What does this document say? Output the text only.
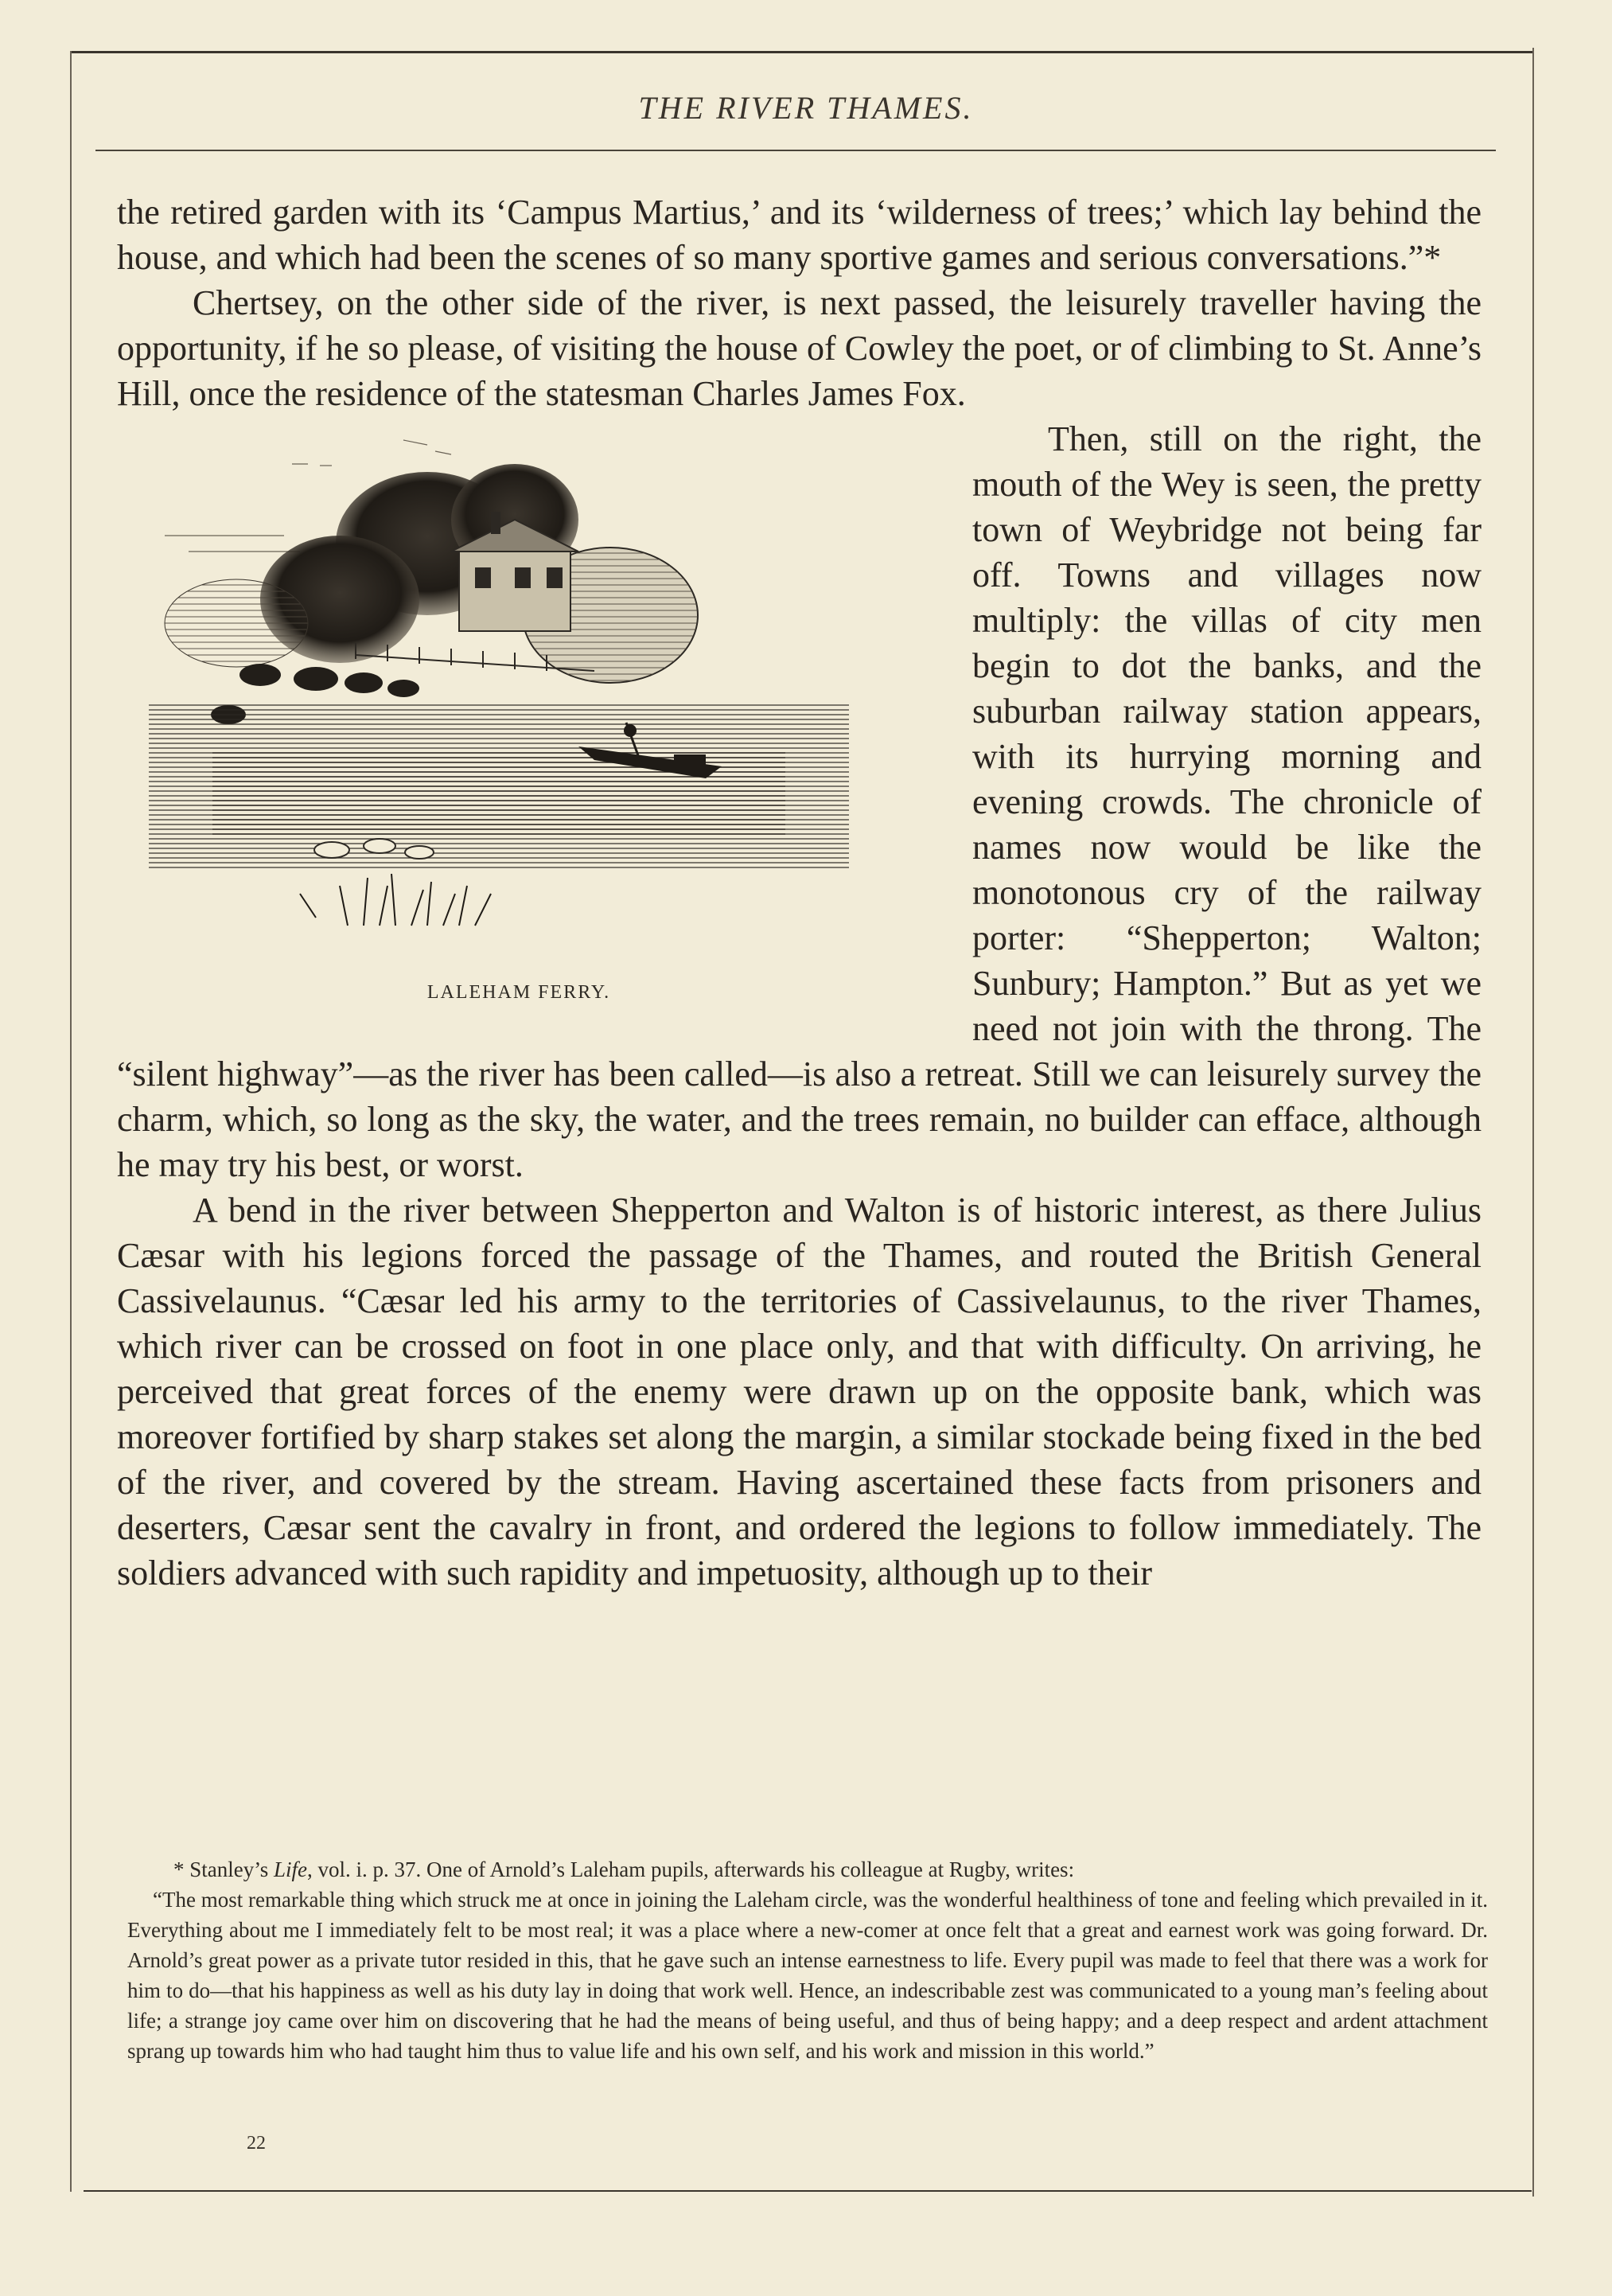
THE RIVER THAMES.

the retired garden with its ‘Campus Martius,’ and its ‘wilderness of trees;’ which lay behind the house, and which had been the scenes of so many sportive games and serious conversations.”*

Chertsey, on the other side of the river, is next passed, the leisurely traveller having the opportunity, if he so please, of visiting the house of Cowley the poet, or of climbing to St. Anne’s Hill, once the residence of the statesman Charles James Fox.

LALEHAM FERRY.

Then, still on the right, the mouth of the Wey is seen, the pretty town of Weybridge not being far off. Towns and villages now multiply: the villas of city men begin to dot the banks, and the suburban railway station appears, with its hurrying morning and evening crowds. The chronicle of names now would be like the monotonous cry of the railway porter: “Shepperton; Walton; Sunbury; Hampton.” But as yet we need not join with the throng. The “silent highway”—as the river has been called—is also a retreat. Still we can leisurely survey the charm, which, so long as the sky, the water, and the trees remain, no builder can efface, although he may try his best, or worst.

A bend in the river between Shepperton and Walton is of historic interest, as there Julius Cæsar with his legions forced the passage of the Thames, and routed the British General Cassivelaunus. “Cæsar led his army to the territories of Cassivelaunus, to the river Thames, which river can be crossed on foot in one place only, and that with difficulty. On arriving, he perceived that great forces of the enemy were drawn up on the opposite bank, which was moreover fortified by sharp stakes set along the margin, a similar stockade being fixed in the bed of the river, and covered by the stream. Having ascertained these facts from prisoners and deserters, Cæsar sent the cavalry in front, and ordered the legions to follow immediately. The soldiers advanced with such rapidity and impetuosity, although up to their

* Stanley’s Life, vol. i. p. 37. One of Arnold’s Laleham pupils, afterwards his colleague at Rugby, writes:

“The most remarkable thing which struck me at once in joining the Laleham circle, was the wonderful healthiness of tone and feeling which prevailed in it. Everything about me I immediately felt to be most real; it was a place where a new-comer at once felt that a great and earnest work was going forward. Dr. Arnold’s great power as a private tutor resided in this, that he gave such an intense earnestness to life. Every pupil was made to feel that there was a work for him to do—that his happiness as well as his duty lay in doing that work well. Hence, an indescribable zest was communicated to a young man’s feeling about life; a strange joy came over him on discovering that he had the means of being useful, and thus of being happy; and a deep respect and ardent attachment sprang up towards him who had taught him thus to value life and his own self, and his work and mission in this world.”

22
